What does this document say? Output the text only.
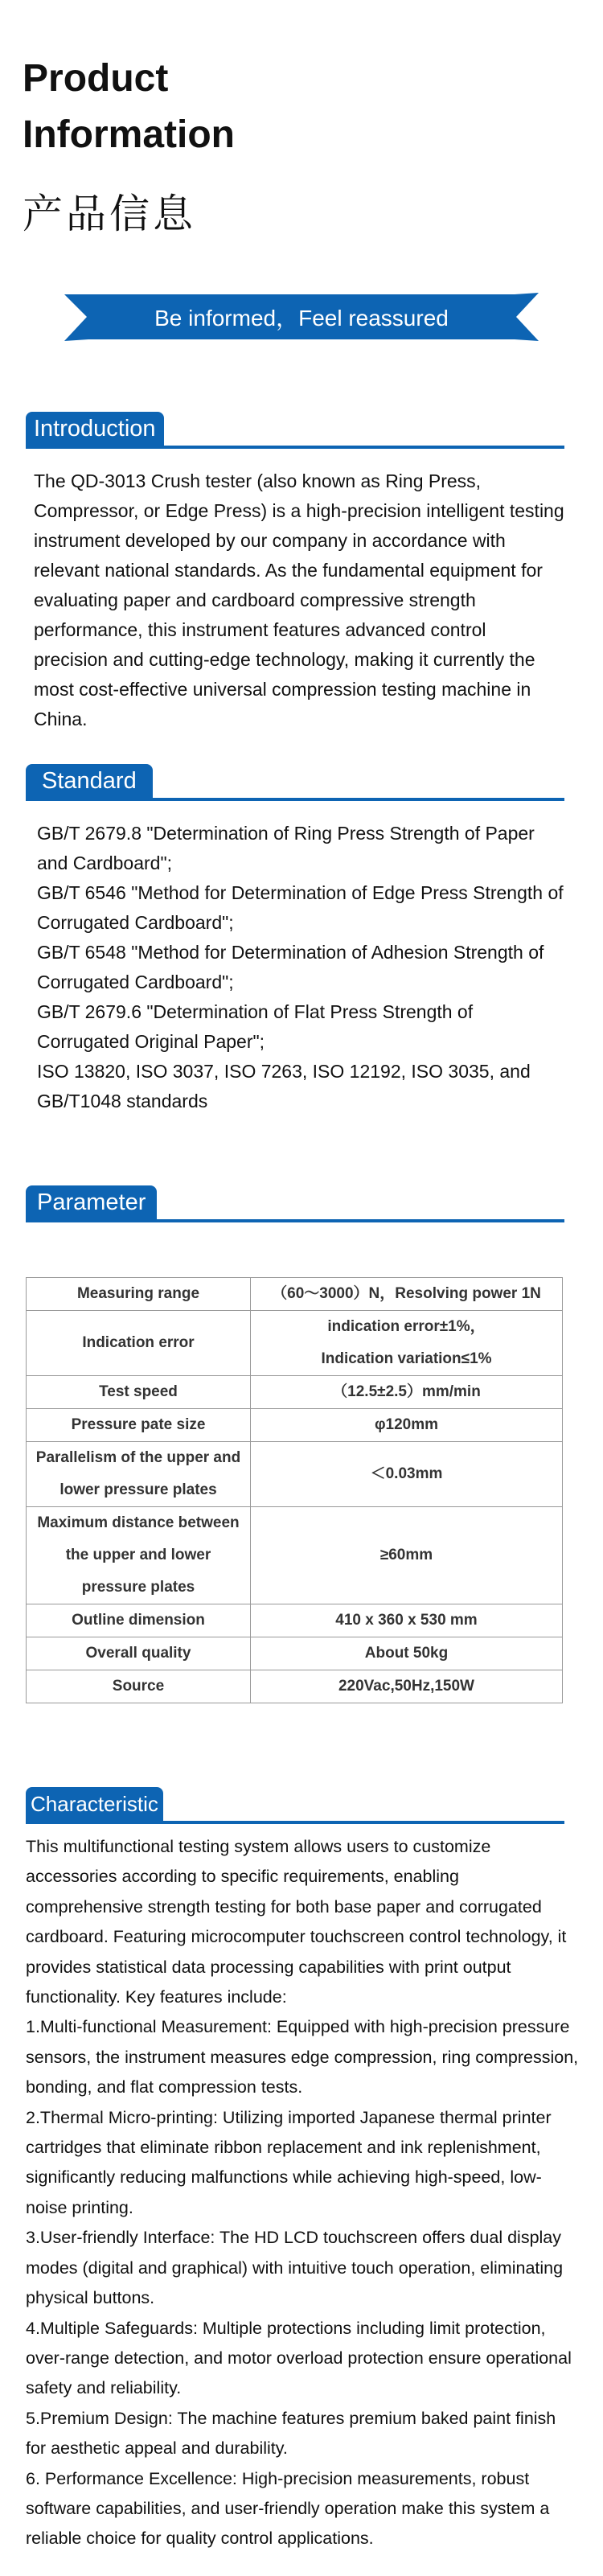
Product
Information
产品信息
Be informed，Feel reassured
Introduction

The QD-3013 Crush tester (also known as Ring Press, Compressor, or Edge Press) is a high-precision intelligent testing instrument developed by our company in accordance with relevant national standards. As the fundamental equipment for evaluating paper and cardboard compressive strength performance, this instrument features advanced control precision and cutting-edge technology, making it currently the most cost-effective universal compression testing machine in China.

Standard

GB/T 2679.8 "Determination of Ring Press Strength of Paper and Cardboard";

GB/T 6546 "Method for Determination of Edge Press Strength of Corrugated Cardboard";

GB/T 6548 "Method for Determination of Adhesion Strength of Corrugated Cardboard";

GB/T 2679.6 "Determination of Flat Press Strength of Corrugated Original Paper";

ISO 13820, ISO 3037, ISO 7263, ISO 12192, ISO 3035, and GB/T1048 standards

Parameter
Measuring range	（60～3000）N，Resolving power 1N
Indication error	indication error±1%，
Indication variation≤1%

Test speed	（12.5±2.5）mm/min
Pressure pate size	φ120mm

Parallelism of the upper and
lower pressure plates	＜0.03mm

Maximum distance between
the upper and lower
pressure plates	≥60mm
Outline dimension	410 x 360 x 530 mm
Overall quality	About 50kg
Source	220Vac,50Hz,150W
Characteristic

This multifunctional testing system allows users to customize accessories according to specific requirements, enabling comprehensive strength testing for both base paper and corrugated cardboard. Featuring microcomputer touchscreen control technology, it provides statistical data processing capabilities with print output functionality. Key features include:

1.Multi-functional Measurement: Equipped with high-precision pressure sensors, the instrument measures edge compression, ring compression, bonding, and flat compression tests.

2.Thermal Micro-printing: Utilizing imported Japanese thermal printer cartridges that eliminate ribbon replacement and ink replenishment, significantly reducing malfunctions while achieving high-speed, low-noise printing.

3.User-friendly Interface: The HD LCD touchscreen offers dual display modes (digital and graphical) with intuitive touch operation, eliminating physical buttons.

4.Multiple Safeguards: Multiple protections including limit protection, over-range detection, and motor overload protection ensure operational safety and reliability.

5.Premium Design: The machine features premium baked paint finish for aesthetic appeal and durability.

6. Performance Excellence: High-precision measurements, robust software capabilities, and user-friendly operation make this system a reliable choice for quality control applications.
